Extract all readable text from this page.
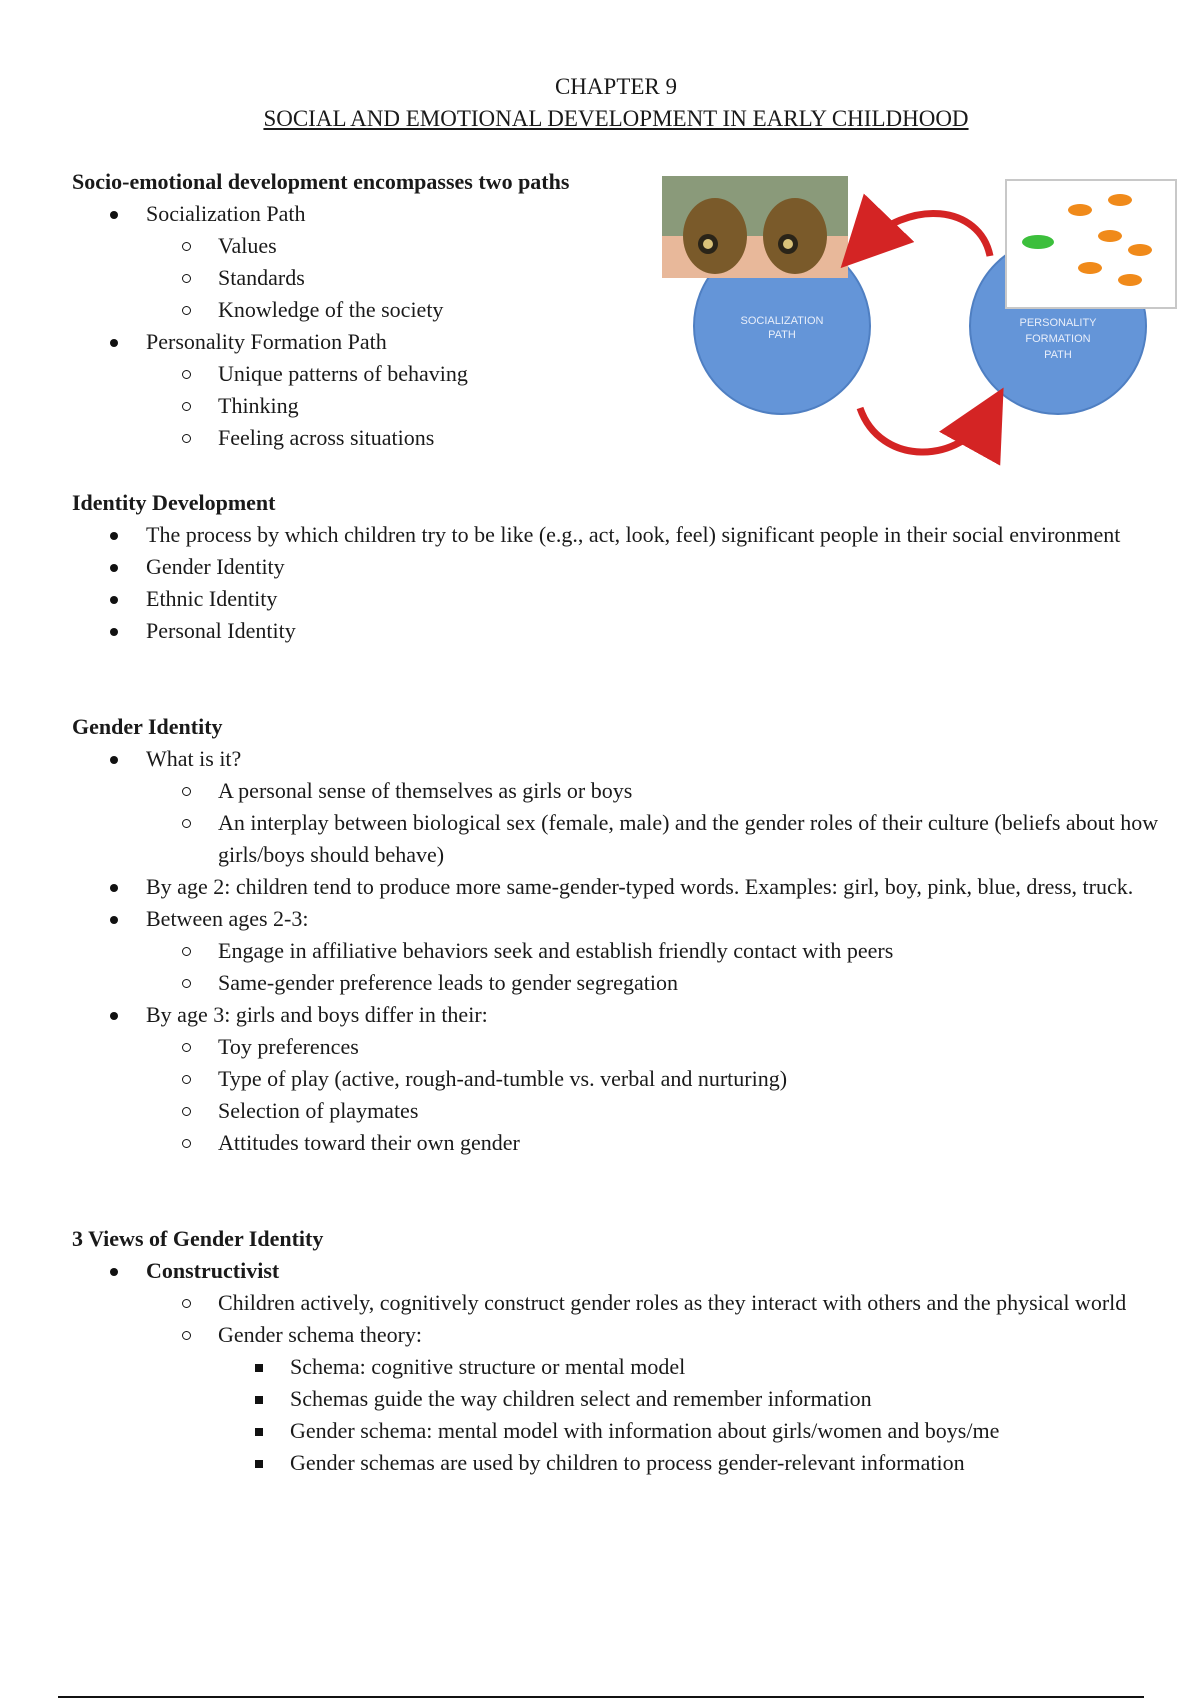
CHAPTER 9
SOCIAL AND EMOTIONAL DEVELOPMENT IN EARLY CHILDHOOD

Socio-emotional development encompasses two paths

Socialization Path
Values
Standards
Knowledge of the society
Personality Formation Path
Unique patterns of behaving
Thinking
Feeling across situations
SOCIALIZATION
PATH
PERSONALITY
FORMATION
PATH

Identity Development

The process by which children try to be like (e.g., act, look, feel) significant people in their social environment
Gender Identity
Ethnic Identity
Personal Identity

Gender Identity

What is it?
A personal sense of themselves as girls or boys
An interplay between biological sex (female, male) and the gender roles of their culture (beliefs about how girls/boys should behave)
By age 2: children tend to produce more same-gender-typed words. Examples: girl, boy, pink, blue, dress, truck.
Between ages 2-3:
Engage in affiliative behaviors seek and establish friendly contact with peers
Same-gender preference leads to gender segregation
By age 3: girls and boys differ in their:
Toy preferences
Type of play (active, rough-and-tumble vs. verbal and nurturing)
Selection of playmates
Attitudes toward their own gender

3 Views of Gender Identity

Constructivist
Children actively, cognitively construct gender roles as they interact with others and the physical world
Gender schema theory:
Schema: cognitive structure or mental model
Schemas guide the way children select and remember information
Gender schema: mental model with information about girls/women and boys/me
Gender schemas are used by children to process gender-relevant information
